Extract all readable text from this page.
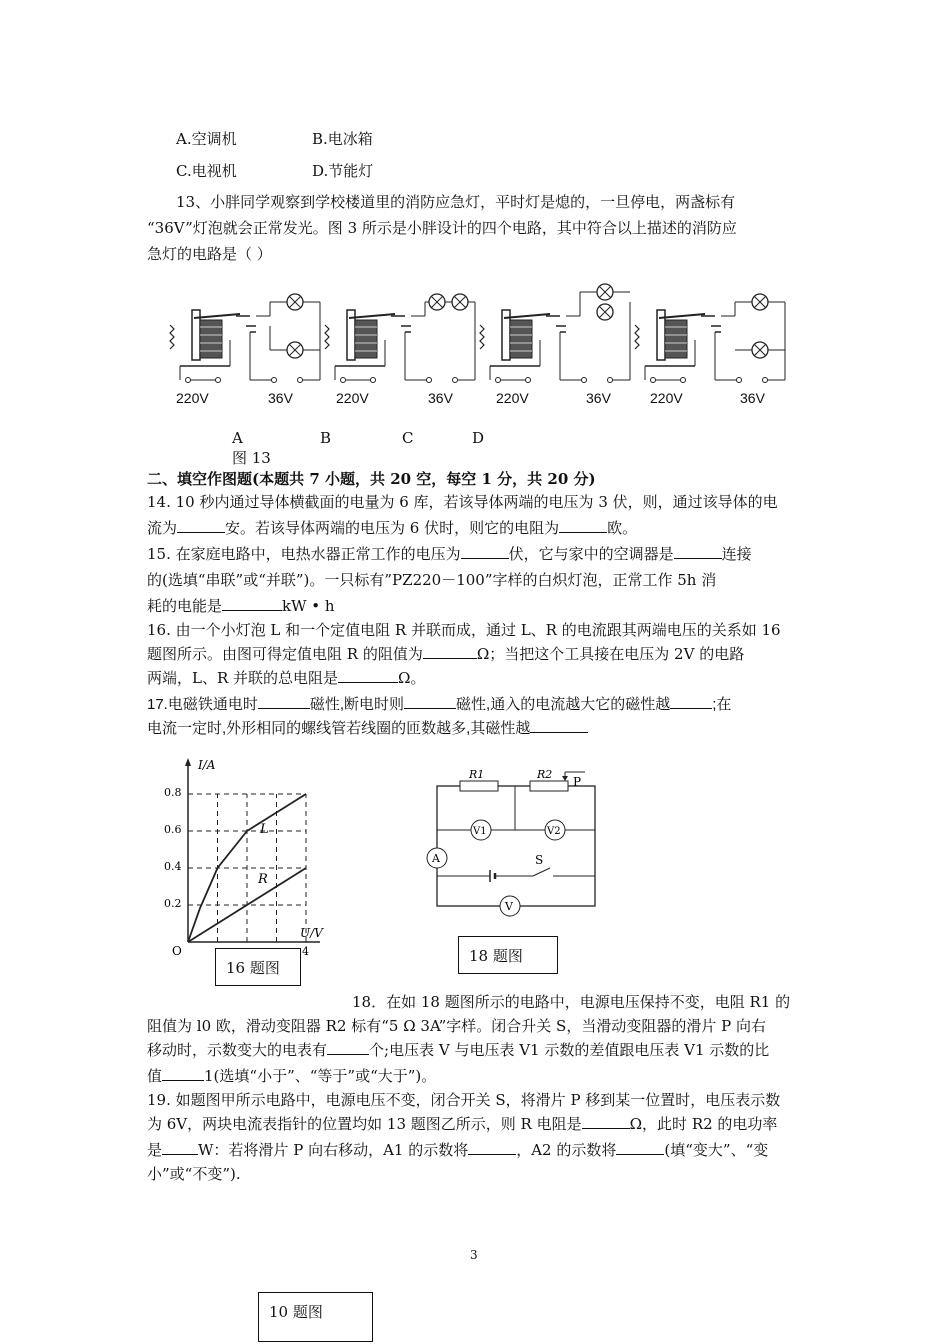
A.空调机	B.电冰箱
C.电视机	D.节能灯
13、小胖同学观察到学校楼道里的消防应急灯，平时灯是熄的，一旦停电，两盏标有
“36V”灯泡就会正常发光。图 3 所示是小胖设计的四个电路，其中符合以上描述的消防应
急灯的电路是（ ）
220V	36V	220V	36V	220V	36V	220V	36V
A	B	C	D
图 13
二、填空作图题(本题共 7 小题，共 20 空，每空 1 分，共 20 分)
14. 10 秒内通过导体横截面的电量为 6 库，若该导体两端的电压为 3 伏，则，通过该导体的电
流为	安。若该导体两端的电压为 6 伏时，则它的电阻为	欧。
15. 在家庭电路中，电热水器正常工作的电压为	伏，它与家中的空调器是	连接
的(选填“串联”或“并联”)。一只标有”PZ220－100”字样的白炽灯泡，正常工作 5h 消
耗的电能是	kW • h
16. 由一个小灯泡 L 和一个定值电阻 R 并联而成，通过 L、R 的电流跟其两端电压的关系如 16
题图所示。由图可得定值电阻 R 的阻值为	Ω；当把这个工具接在电压为 2V 的电路
两端，L、R 并联的总电阻是	Ω。
17.电磁铁通电时	磁性,断电时则	磁性,通入的电流越大它的磁性越	;在
电流一定时,外形相同的螺线管若线圈的匝数越多,其磁性越
I/A
U/V
O
0.8
0.6
0.4
0.2
4
L
R
16 题图
R1	R2
P
V1	V2
A	S
V
18 题图
18．在如 18 题图所示的电路中，电源电压保持不变，电阻 R1 的
阻值为 l0 欧，滑动变阻器 R2 标有“5 Ω 3A”字样。闭合升关 S，当滑动变阻器的滑片 P 向右
移动时，示数变大的电表有	个;电压表 V 与电压表 V1 示数的差值跟电压表 V1 示数的比
值	1(选填“小于”、“等于”或“大于”)。
19. 如题图甲所示电路中，电源电压不变，闭合开关 S，将滑片 P 移到某一位置时，电压表示数
为 6V，两块电流表指针的位置均如 13 题图乙所示，则 R 电阻是	Ω，此时 R2 的电功率
是 W：若将滑片 P 向右移动，A1 的示数将	，A2 的示数将	(填“变大”、“变
小”或“不变”).
3
10 题图
